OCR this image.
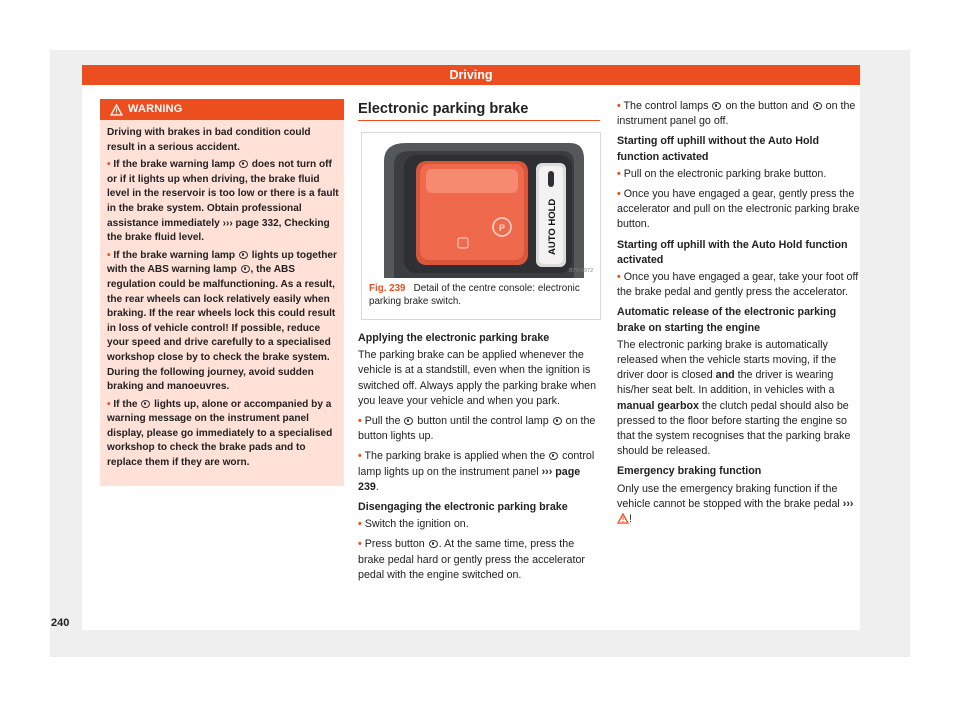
Driving
WARNING

Driving with brakes in bad condition could result in a serious accident.

• If the brake warning lamp does not turn off or if it lights up when driving, the brake fluid level in the reservoir is too low or there is a fault in the brake system. Obtain professional assistance immediately ››› page 332, Checking the brake fluid level.

• If the brake warning lamp lights up together with the ABS warning lamp , the ABS regulation could be malfunctioning. As a result, the rear wheels can lock relatively easily when braking. If the rear wheels lock this could result in loss of vehicle control! If possible, reduce your speed and drive carefully to a specialised workshop close by to check the brake system. During the following journey, avoid sudden braking and manoeuvres.

• If the lights up, alone or accompanied by a warning message on the instrument panel display, please go immediately to a specialised workshop to check the brake pads and to replace them if they are worn.

Electronic parking brake
P	AUTO HOLD
B7V-0972
Fig. 239 Detail of the centre console: electronic parking brake switch.
Applying the electronic parking brake

The parking brake can be applied whenever the vehicle is at a standstill, even when the ignition is switched off. Always apply the parking brake when you leave your vehicle and when you park.

• Pull the button until the control lamp on the button lights up.

• The parking brake is applied when the control lamp lights up on the instrument panel ››› page 239.

Disengaging the electronic parking brake

• Switch the ignition on.

• Press button . At the same time, press the brake pedal hard or gently press the accelerator pedal with the engine switched on.

• The control lamps on the button and on the instrument panel go off.

Starting off uphill without the Auto Hold function activated

• Pull on the electronic parking brake button.

• Once you have engaged a gear, gently press the accelerator and pull on the electronic parking brake button.

Starting off uphill with the Auto Hold function activated

• Once you have engaged a gear, take your foot off the brake pedal and gently press the accelerator.

Automatic release of the electronic parking brake on starting the engine

The electronic parking brake is automatically released when the vehicle starts moving, if the driver door is closed and the driver is wearing his/her seat belt. In addition, in vehicles with a manual gearbox the clutch pedal should also be pressed to the floor before starting the engine so that the system recognises that the parking brake should be released.

Emergency braking function

Only use the emergency braking function if the vehicle cannot be stopped with the brake pedal ››› !

240
